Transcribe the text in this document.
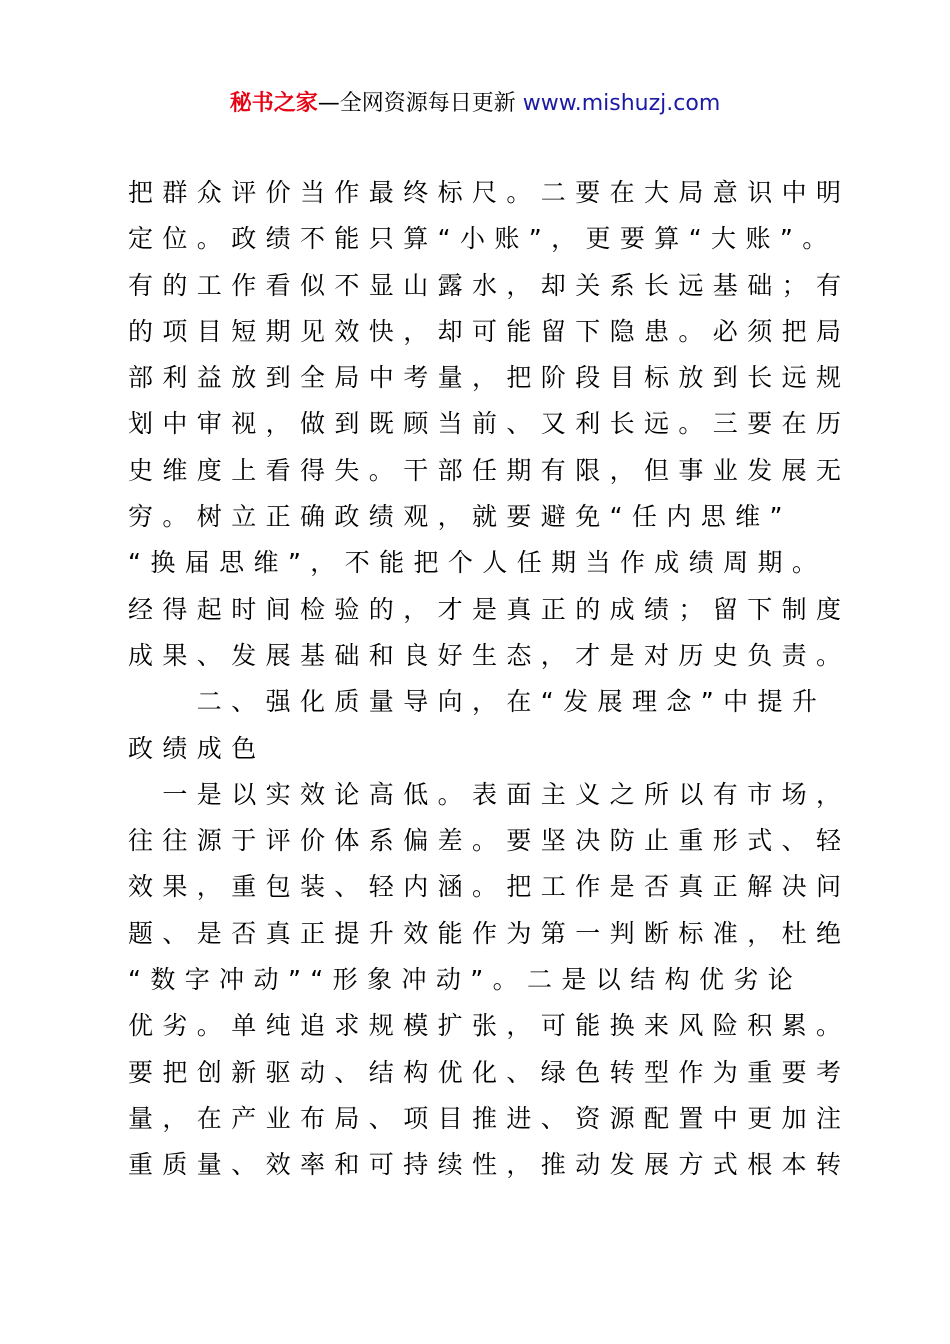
秘书之家—全网资源每日更新 www.mishuzj.com
把群众评价当作最终标尺。二要在大局意识中明
定位。政绩不能只算“小账”，更要算“大账”。
有的工作看似不显山露水，却关系长远基础；有
的项目短期见效快，却可能留下隐患。必须把局
部利益放到全局中考量，把阶段目标放到长远规
划中审视，做到既顾当前、又利长远。三要在历
史维度上看得失。干部任期有限，但事业发展无
穷。树立正确政绩观，就要避免“任内思维”
“换届思维”，不能把个人任期当作成绩周期。
经得起时间检验的，才是真正的成绩；留下制度
成果、发展基础和良好生态，才是对历史负责。
　　二、强化质量导向，在“发展理念”中提升
政绩成色
　一是以实效论高低。表面主义之所以有市场，
往往源于评价体系偏差。要坚决防止重形式、轻
效果，重包装、轻内涵。把工作是否真正解决问
题、是否真正提升效能作为第一判断标准，杜绝
“数字冲动”“形象冲动”。二是以结构优劣论
优劣。单纯追求规模扩张，可能换来风险积累。
要把创新驱动、结构优化、绿色转型作为重要考
量，在产业布局、项目推进、资源配置中更加注
重质量、效率和可持续性，推动发展方式根本转
